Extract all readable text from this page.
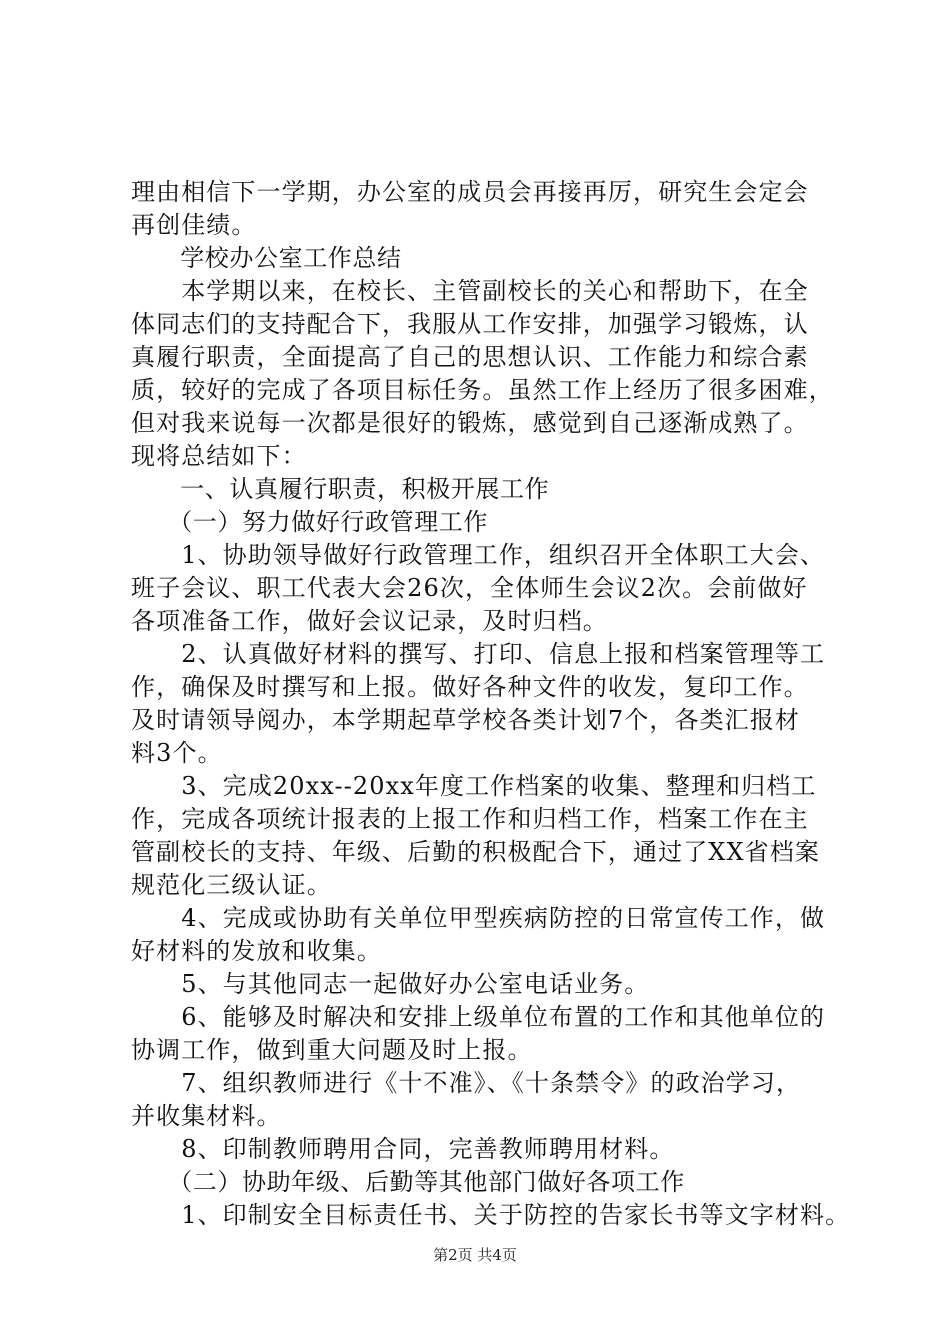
理由相信下一学期，办公室的成员会再接再厉，研究生会定会
再创佳绩。
　　学校办公室工作总结
　　本学期以来，在校长、主管副校长的关心和帮助下，在全
体同志们的支持配合下，我服从工作安排，加强学习锻炼，认
真履行职责，全面提高了自己的思想认识、工作能力和综合素
质，较好的完成了各项目标任务。虽然工作上经历了很多困难，
但对我来说每一次都是很好的锻炼，感觉到自己逐渐成熟了。
现将总结如下：
　　一、认真履行职责，积极开展工作
　　（一）努力做好行政管理工作
　　1、协助领导做好行政管理工作，组织召开全体职工大会、
班子会议、职工代表大会26次，全体师生会议2次。会前做好
各项准备工作，做好会议记录，及时归档。
　　2、认真做好材料的撰写、打印、信息上报和档案管理等工
作，确保及时撰写和上报。做好各种文件的收发，复印工作。
及时请领导阅办，本学期起草学校各类计划7个，各类汇报材
料3个。
　　3、完成20xx--20xx年度工作档案的收集、整理和归档工
作，完成各项统计报表的上报工作和归档工作，档案工作在主
管副校长的支持、年级、后勤的积极配合下，通过了XX省档案
规范化三级认证。
　　4、完成或协助有关单位甲型疾病防控的日常宣传工作，做
好材料的发放和收集。
　　5、与其他同志一起做好办公室电话业务。
　　6、能够及时解决和安排上级单位布置的工作和其他单位的
协调工作，做到重大问题及时上报。
　　7、组织教师进行《十不准》、《十条禁令》的政治学习，
并收集材料。
　　8、印制教师聘用合同，完善教师聘用材料。
　　（二）协助年级、后勤等其他部门做好各项工作
　　1、印制安全目标责任书、关于防控的告家长书等文字材料。
第2页 共4页
